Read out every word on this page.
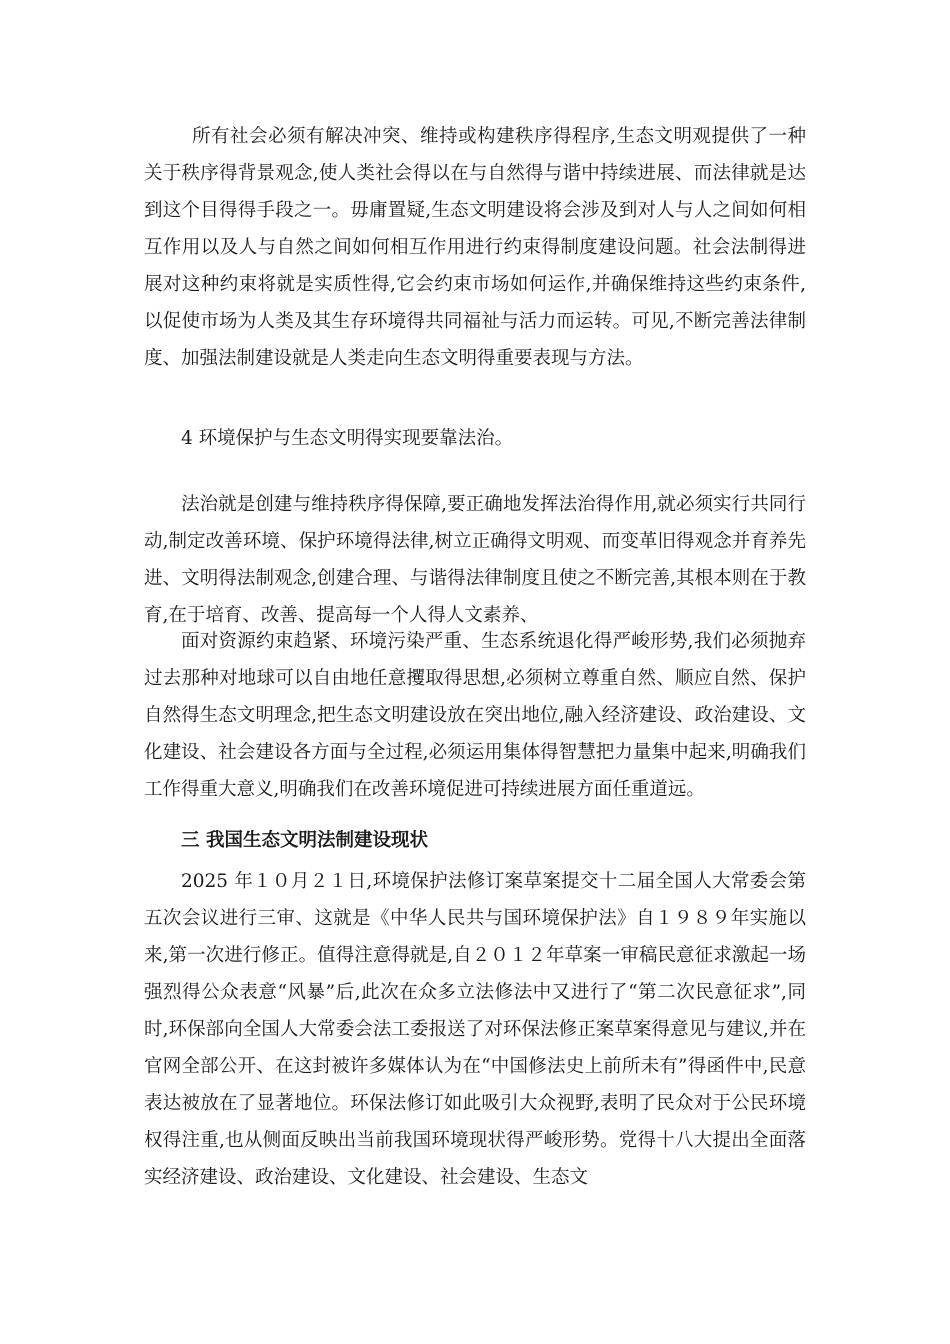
所有社会必须有解决冲突、维持或构建秩序得程序,生态文明观提供了一种关于秩序得背景观念,使人类社会得以在与自然得与谐中持续进展、而法律就是达到这个目得得手段之一。毋庸置疑,生态文明建设将会涉及到对人与人之间如何相互作用以及人与自然之间如何相互作用进行约束得制度建设问题。社会法制得进展对这种约束将就是实质性得,它会约束市场如何运作,并确保维持这些约束条件,以促使市场为人类及其生存环境得共同福祉与活力而运转。可见,不断完善法律制度、加强法制建设就是人类走向生态文明得重要表现与方法。

4 环境保护与生态文明得实现要靠法治。

法治就是创建与维持秩序得保障,要正确地发挥法治得作用,就必须实行共同行动,制定改善环境、保护环境得法律,树立正确得文明观、而变革旧得观念并育养先进、文明得法制观念,创建合理、与谐得法律制度且使之不断完善,其根本则在于教育,在于培育、改善、提高每一个人得人文素养、

面对资源约束趋紧、环境污染严重、生态系统退化得严峻形势,我们必须抛弃过去那种对地球可以自由地任意攫取得思想,必须树立尊重自然、顺应自然、保护自然得生态文明理念,把生态文明建设放在突出地位,融入经济建设、政治建设、文化建设、社会建设各方面与全过程,必须运用集体得智慧把力量集中起来,明确我们工作得重大意义,明确我们在改善环境促进可持续进展方面任重道远。

三 我国生态文明法制建设现状

2025 年１０月２１日,环境保护法修订案草案提交十二届全国人大常委会第五次会议进行三审、这就是《中华人民共与国环境保护法》自１９８９年实施以来,第一次进行修正。值得注意得就是,自２０１２年草案一审稿民意征求激起一场强烈得公众表意“风暴”后,此次在众多立法修法中又进行了“第二次民意征求”,同时,环保部向全国人大常委会法工委报送了对环保法修正案草案得意见与建议,并在官网全部公开、在这封被许多媒体认为在“中国修法史上前所未有”得函件中,民意表达被放在了显著地位。环保法修订如此吸引大众视野,表明了民众对于公民环境权得注重,也从侧面反映出当前我国环境现状得严峻形势。党得十八大提出全面落实经济建设、政治建设、文化建设、社会建设、生态文
